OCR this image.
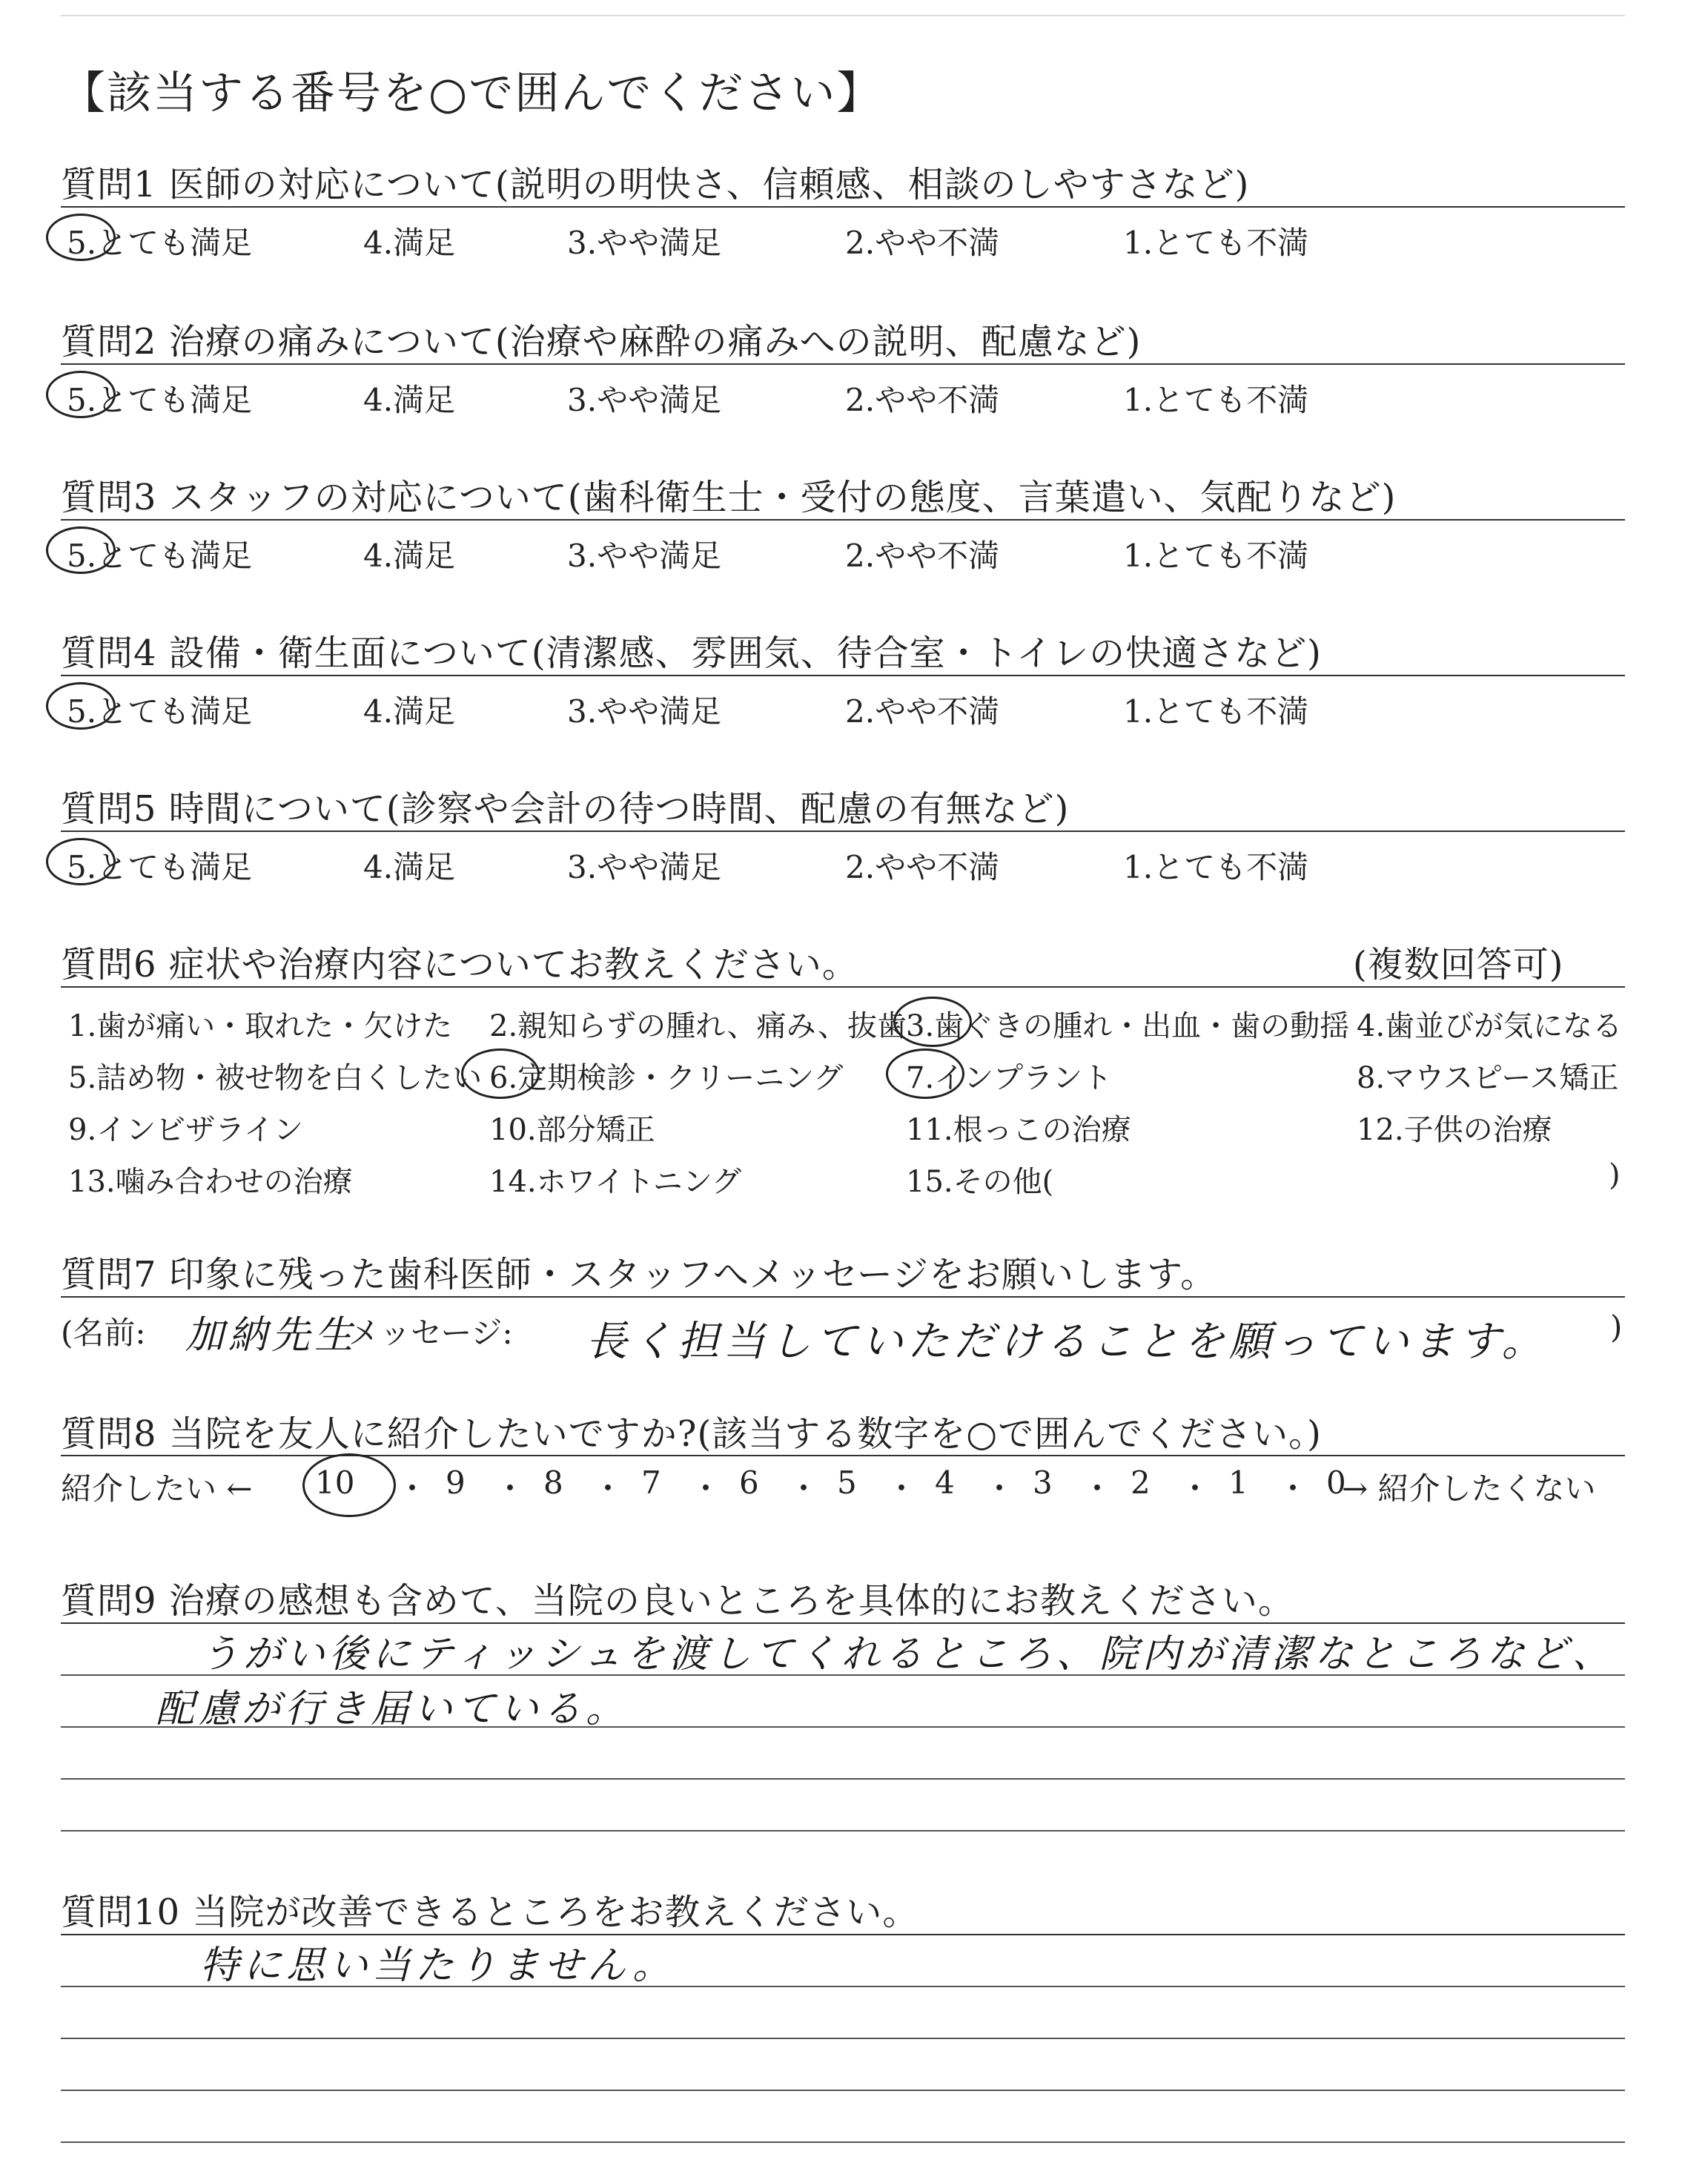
【該当する番号を○で囲んでください】
質問1 医師の対応について(説明の明快さ、信頼感、相談のしやすさなど)
5.とても満足	4.満足	3.やや満足	2.やや不満	1.とても不満
質問2 治療の痛みについて(治療や麻酔の痛みへの説明、配慮など)
5.とても満足	4.満足	3.やや満足	2.やや不満	1.とても不満
質問3 スタッフの対応について(歯科衛生士・受付の態度、言葉遣い、気配りなど)
5.とても満足	4.満足	3.やや満足	2.やや不満	1.とても不満
質問4 設備・衛生面について(清潔感、雰囲気、待合室・トイレの快適さなど)
5.とても満足	4.満足	3.やや満足	2.やや不満	1.とても不満
質問5 時間について(診察や会計の待つ時間、配慮の有無など)
5.とても満足	4.満足	3.やや満足	2.やや不満	1.とても不満
質問6 症状や治療内容についてお教えください。	(複数回答可)
1.歯が痛い・取れた・欠けた 2.親知らずの腫れ、痛み、抜歯 3.歯ぐきの腫れ・出血・歯の動揺 4.歯並びが気になる
5.詰め物・被せ物を白くしたい 6.定期検診・クリーニング 7.インプラント	8.マウスピース矯正
9.インビザライン	10.部分矯正	11.根っこの治療	12.子供の治療
13.噛み合わせの治療	14.ホワイトニング	15.その他(	)
質問7 印象に残った歯科医師・スタッフへメッセージをお願いします。
(名前: 加納先生
メッセージ: 長く担当していただけることを願っています。 )
質問8 当院を友人に紹介したいですか?(該当する数字を○で囲んでください。)
紹介したい ← 10 ・ 9 ・ 8 ・ 7 ・ 6 ・ 5 ・ 4 ・ 3 ・ 2 ・ 1 ・ 0
→ 紹介したくない
質問9 治療の感想も含めて、当院の良いところを具体的にお教えください。
うがい後にティッシュを渡してくれるところ、院内が清潔なところなど、
配慮が行き届いている。
質問10 当院が改善できるところをお教えください。
特に思い当たりません。
